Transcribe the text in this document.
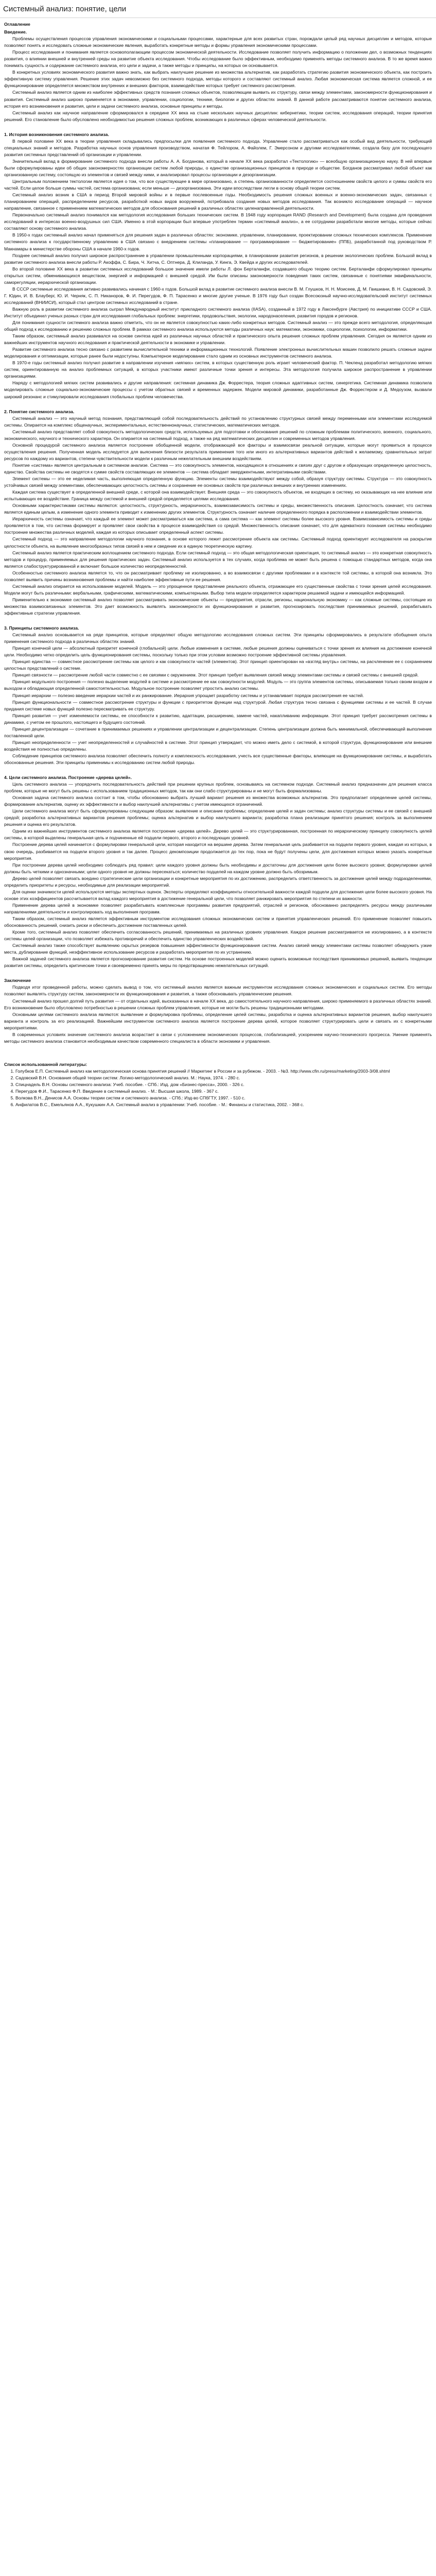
Системный анализ: понятие, цели

Оглавление

Введение.

Проблемы осуществления процессов управления экономическими и социальными процессами, характерные для всех развитых стран, порождали целый ряд научных дисциплин и методов, которые позволяют понять и исследовать сложные экономические явления, выработать конкретные методы и формы управления экономическими процессами.

Процесс исследования и понимания является основополагающим процессом экономической деятельности. Исследование позволяет получить информацию о положении дел, о возможных тенденциях развития, о влиянии внешней и внутренней среды на развитие объекта исследования. Чтобы исследование было эффективным, необходимо применять методы системного анализа. В то же время важно понимать сущность и содержание системного анализа, его цели и задачи, а также методы и принципы, на которых он основывается.

В конкретных условиях экономического развития важно знать, как выбрать наилучшее решение из множества альтернатив, как разработать стратегию развития экономического объекта, как построить эффективную систему управления. Решение этих задач невозможно без системного подхода, методы которого и составляют системный анализ. Любая экономическая система является сложной, и ее функционирование определяется множеством внутренних и внешних факторов, взаимодействие которых требует системного рассмотрения.

Системный анализ является одним из наиболее эффективных средств познания сложных объектов, позволяющим выявить их структуру, связи между элементами, закономерности функционирования и развития. Системный анализ широко применяется в экономике, управлении, социологии, технике, биологии и других областях знаний. В данной работе рассматриваются понятие системного анализа, история его возникновения и развития, цели и задачи системного анализа, основные принципы и методы.

Системный анализ как научное направление сформировался в середине XX века на стыке нескольких научных дисциплин: кибернетики, теории систем, исследования операций, теории принятия решений. Его становление было обусловлено необходимостью решения сложных проблем, возникающих в различных сферах человеческой деятельности.

1. История возникновения системного анализа.

В первой половине XX века в теории управления складывались предпосылки для появления системного подхода. Управление стало рассматриваться как особый вид деятельности, требующий специальных знаний и методов. Разработка научных основ управления производством, начатая Ф. Тейлором, А. Файолем, Г. Эмерсоном и другими исследователями, создала базу для последующего развития системных представлений об организации и управлении.

Значительный вклад в формирование системного подхода внесли работы А. А. Богданова, который в начале XX века разработал «Тектологию» — всеобщую организационную науку. В ней впервые были сформулированы идеи об общих закономерностях организации систем любой природы, о единстве организационных принципов в природе и обществе. Богданов рассматривал любой объект как организованную систему, состоящую из элементов и связей между ними, и анализировал процессы организации и дезорганизации.

Центральным положением тектологии является идея о том, что все существующее в мире организовано, а степень организованности определяется соотношением свойств целого и суммы свойств его частей. Если целое больше суммы частей, система организована; если меньше — дезорганизована. Эти идеи впоследствии легли в основу общей теории систем.

Системный анализ возник в США в период Второй мировой войны и в первые послевоенные годы. Необходимость решения сложных военных и военно-экономических задач, связанных с планированием операций, распределением ресурсов, разработкой новых видов вооружений, потребовала создания новых методов исследования. Так возникло исследование операций — научное направление, связанное с применением математических методов для обоснования решений в различных областях целенаправленной деятельности.

Первоначально системный анализ понимался как методология исследования больших технических систем. В 1948 году корпорация RAND (Research and Development) была создана для проведения исследований в интересах военно-воздушных сил США. Именно в этой корпорации был впервые употреблен термин «системный анализ», а ее сотрудники разработали многие методы, которые сейчас составляют основу системного анализа.

В 1950-х годах системный анализ начал применяться для решения задач в различных областях: экономике, управлении, планировании, проектировании сложных технических комплексов. Применение системного анализа к государственному управлению в США связано с внедрением системы «планирование — программирование — бюджетирование» (ППБ), разработанной под руководством Р. Макнамары в министерстве обороны США в начале 1960-х годов.

Позднее системный анализ получил широкое распространение в управлении промышленными корпорациями, в планировании развития регионов, в решении экологических проблем. Большой вклад в развитие системного анализа внесли работы Р. Акоффа, С. Бира, Ч. Хитча, С. Оптнера, Д. Клиланда, У. Кинга, Э. Квейда и других исследователей.

Во второй половине XX века в развитии системных исследований большое значение имели работы Л. фон Берталанфи, создавшего общую теорию систем. Берталанфи сформулировал принципы открытых систем, обменивающихся веществом, энергией и информацией с внешней средой. Им были описаны закономерности поведения таких систем, связанные с понятиями эквифинальности, саморегуляции, иерархической организации.

В СССР системные исследования активно развивались начиная с 1960-х годов. Большой вклад в развитие системного анализа внесли В. М. Глушков, Н. Н. Моисеев, Д. М. Гвишиани, В. Н. Садовский, Э. Г. Юдин, И. В. Блауберг, Ю. И. Черняк, С. П. Никаноров, Ф. И. Перегудов, Ф. П. Тарасенко и многие другие ученые. В 1976 году был создан Всесоюзный научно-исследовательский институт системных исследований (ВНИИСИ), который стал центром системных исследований в стране.

Важную роль в развитии системного анализа сыграл Международный институт прикладного системного анализа (IIASA), созданный в 1972 году в Лаксенбурге (Австрия) по инициативе СССР и США. Институт объединил ученых разных стран для исследования глобальных проблем: энергетики, продовольствия, экологии, народонаселения, развития городов и регионов.

Для понимания сущности системного анализа важно отметить, что он не является совокупностью каких-либо конкретных методов. Системный анализ — это прежде всего методология, определяющая общий подход к исследованию и решению сложных проблем. В рамках системного анализа используются методы различных наук: математики, экономики, социологии, психологии, информатики.

Таким образом, системный анализ развивался на основе синтеза идей из различных научных областей и практического опыта решения сложных проблем управления. Сегодня он является одним из важнейших инструментов научного исследования и практической деятельности в экономике и управлении.

Развитие системного анализа тесно связано с развитием вычислительной техники и информационных технологий. Появление электронных вычислительных машин позволило решать сложные задачи моделирования и оптимизации, которые ранее были недоступны. Компьютерное моделирование стало одним из основных инструментов системного анализа.

В 1970-е годы системный анализ получил развитие в направлении изучения «мягких» систем, в которых существенную роль играет человеческий фактор. П. Чекленд разработал методологию мягких систем, ориентированную на анализ проблемных ситуаций, в которых участники имеют различные точки зрения и интересы. Эта методология получила широкое распространение в управлении организациями.

Наряду с методологией мягких систем развивались и другие направления: системная динамика Дж. Форрестера, теория сложных адаптивных систем, синергетика. Системная динамика позволила моделировать сложные социально-экономические процессы с учетом обратных связей и временных задержек. Модели мировой динамики, разработанные Дж. Форрестером и Д. Медоузом, вызвали широкий резонанс и стимулировали исследования глобальных проблем человечества.

2. Понятие системного анализа.

Системный анализ — это научный метод познания, представляющий собой последовательность действий по установлению структурных связей между переменными или элементами исследуемой системы. Опирается на комплекс общенаучных, экспериментальных, естественнонаучных, статистических, математических методов.

Системный анализ представляет собой совокупность методологических средств, используемых для подготовки и обоснования решений по сложным проблемам политического, военного, социального, экономического, научного и технического характера. Он опирается на системный подход, а также на ряд математических дисциплин и современных методов управления.

Основной процедурой системного анализа является построение обобщенной модели, отображающей все факторы и взаимосвязи реальной ситуации, которые могут проявиться в процессе осуществления решения. Полученная модель исследуется для выяснения близости результата применения того или иного из альтернативных вариантов действий к желаемому, сравнительных затрат ресурсов по каждому из вариантов, степени чувствительности модели к различным нежелательным внешним воздействиям.

Понятие «система» является центральным в системном анализе. Система — это совокупность элементов, находящихся в отношениях и связях друг с другом и образующих определенную целостность, единство. Свойства системы не сводятся к сумме свойств составляющих ее элементов — система обладает эмерджентными, интегративными свойствами.

Элемент системы — это ее неделимая часть, выполняющая определенную функцию. Элементы системы взаимодействуют между собой, образуя структуру системы. Структура — это совокупность устойчивых связей между элементами, обеспечивающих целостность системы и сохранение ее основных свойств при различных внешних и внутренних изменениях.

Каждая система существует в определенной внешней среде, с которой она взаимодействует. Внешняя среда — это совокупность объектов, не входящих в систему, но оказывающих на нее влияние или испытывающих ее воздействие. Граница между системой и внешней средой определяется целями исследования.

Основными характеристиками системы являются: целостность, структурность, иерархичность, взаимозависимость системы и среды, множественность описания. Целостность означает, что система является единым целым, а изменение одного элемента приводит к изменению других элементов. Структурность означает наличие определенного порядка в расположении и взаимодействии элементов.

Иерархичность системы означает, что каждый ее элемент может рассматриваться как система, а сама система — как элемент системы более высокого уровня. Взаимозависимость системы и среды проявляется в том, что система формирует и проявляет свои свойства в процессе взаимодействия со средой. Множественность описания означает, что для адекватного познания системы необходимо построение множества различных моделей, каждая из которых описывает определенный аспект системы.

Системный подход — это направление методологии научного познания, в основе которого лежит рассмотрение объекта как системы. Системный подход ориентирует исследователя на раскрытие целостности объекта, на выявление многообразных типов связей в нем и сведение их в единую теоретическую картину.

Системный анализ является практическим воплощением системного подхода. Если системный подход — это общая методологическая ориентация, то системный анализ — это конкретная совокупность методов и процедур, применяемых для решения практических задач. Системный анализ используется в тех случаях, когда проблема не может быть решена с помощью стандартных методов, когда она является слабоструктурированной и включает большое количество неопределенностей.

Особенностью системного анализа является то, что он рассматривает проблему не изолированно, а во взаимосвязи с другими проблемами и в контексте той системы, в которой она возникла. Это позволяет выявить причины возникновения проблемы и найти наиболее эффективные пути ее решения.

Системный анализ опирается на использование моделей. Модель — это упрощенное представление реального объекта, отражающее его существенные свойства с точки зрения целей исследования. Модели могут быть различными: вербальными, графическими, математическими, компьютерными. Выбор типа модели определяется характером решаемой задачи и имеющейся информацией.

Применительно к экономике системный анализ позволяет рассматривать экономические объекты — предприятия, отрасли, регионы, национальную экономику — как сложные системы, состоящие из множества взаимосвязанных элементов. Это дает возможность выявлять закономерности их функционирования и развития, прогнозировать последствия принимаемых решений, разрабатывать эффективные стратегии управления.

3. Принципы системного анализа.

Системный анализ основывается на ряде принципов, которые определяют общую методологию исследования сложных систем. Эти принципы сформировались в результате обобщения опыта применения системного подхода в различных областях знаний.

Принцип конечной цели — абсолютный приоритет конечной (глобальной) цели. Любые изменения в системе, любые решения должны оцениваться с точки зрения их влияния на достижение конечной цели. Необходимо четко определить цель функционирования системы, поскольку только при этом условии возможно построение эффективной системы управления.

Принцип единства — совместное рассмотрение системы как целого и как совокупности частей (элементов). Этот принцип ориентирован на «взгляд внутрь» системы, на расчленение ее с сохранением целостных представлений о системе.

Принцип связности — рассмотрение любой части совместно с ее связями с окружением. Этот принцип требует выявления связей между элементами системы и связей системы с внешней средой.

Принцип модульного построения — полезно выделение модулей в системе и рассмотрение ее как совокупности модулей. Модуль — это группа элементов системы, описываемая только своим входом и выходом и обладающая определенной самостоятельностью. Модульное построение позволяет упростить анализ системы.

Принцип иерархии — полезно введение иерархии частей и их ранжирование. Иерархия упрощает разработку системы и устанавливает порядок рассмотрения ее частей.

Принцип функциональности — совместное рассмотрение структуры и функции с приоритетом функции над структурой. Любая структура тесно связана с функциями системы и ее частей. В случае придания системе новых функций полезно пересматривать ее структуру.

Принцип развития — учет изменяемости системы, ее способности к развитию, адаптации, расширению, замене частей, накапливанию информации. Этот принцип требует рассмотрения системы в динамике, с учетом ее прошлого, настоящего и будущего состояний.

Принцип децентрализации — сочетание в принимаемых решениях и управлении централизации и децентрализации. Степень централизации должна быть минимальной, обеспечивающей выполнение поставленной цели.

Принцип неопределенности — учет неопределенностей и случайностей в системе. Этот принцип утверждает, что можно иметь дело с системой, в которой структура, функционирование или внешние воздействия не полностью определены.

Соблюдение принципов системного анализа позволяет обеспечить полноту и комплексность исследования, учесть все существенные факторы, влияющие на функционирование системы, и выработать обоснованные решения. Эти принципы применимы к исследованию систем любой природы.

4. Цели системного анализа. Построение «дерева целей».

Цель системного анализа — упорядочить последовательность действий при решении крупных проблем, основываясь на системном подходе. Системный анализ предназначен для решения класса проблем, которые не могут быть решены с использованием традиционных методов, так как они слабо структурированы и не могут быть формализованы.

Основная задача системного анализа состоит в том, чтобы обоснованно выбрать лучший вариант решения из множества возможных альтернатив. Это предполагает определение целей системы, формирование альтернатив, оценку их эффективности и выбор наилучшей альтернативы с учетом имеющихся ограничений.

Цели системного анализа могут быть сформулированы следующим образом: выявление и описание проблемы; определение целей и задач системы; анализ структуры системы и ее связей с внешней средой; разработка альтернативных вариантов решения проблемы; оценка альтернатив и выбор наилучшего варианта; разработка плана реализации принятого решения; контроль за выполнением решения и оценка его результатов.

Одним из важнейших инструментов системного анализа является построение «дерева целей». Дерево целей — это структурированная, построенная по иерархическому принципу совокупность целей системы, в которой выделены генеральная цель и подчиненные ей подцели первого, второго и последующих уровней.

Построение дерева целей начинается с формулировки генеральной цели, которая находится на вершине дерева. Затем генеральная цель разбивается на подцели первого уровня, каждая из которых, в свою очередь, разбивается на подцели второго уровня и так далее. Процесс декомпозиции продолжается до тех пор, пока не будут получены цели, для достижения которых можно указать конкретные мероприятия.

При построении дерева целей необходимо соблюдать ряд правил: цели каждого уровня должны быть необходимы и достаточны для достижения цели более высокого уровня; формулировки целей должны быть четкими и однозначными; цели одного уровня не должны пересекаться; количество подцелей на каждом уровне должно быть обозримым.

Дерево целей позволяет связать воедино стратегические цели организации и конкретные мероприятия по их достижению, распределить ответственность за достижение целей между подразделениями, определить приоритеты и ресурсы, необходимые для реализации мероприятий.

Для оценки значимости целей используются методы экспертных оценок. Эксперты определяют коэффициенты относительной важности каждой подцели для достижения цели более высокого уровня. На основе этих коэффициентов рассчитывается вклад каждого мероприятия в достижение генеральной цели, что позволяет ранжировать мероприятия по степени их важности.

Применение дерева целей в экономике позволяет разрабатывать комплексные программы развития предприятий, отраслей и регионов, обоснованно распределять ресурсы между различными направлениями деятельности и контролировать ход выполнения программ.

Таким образом, системный анализ является эффективным инструментом исследования сложных экономических систем и принятия управленческих решений. Его применение позволяет повысить обоснованность решений, снизить риски и обеспечить достижение поставленных целей.

Кроме того, системный анализ позволяет обеспечить согласованность решений, принимаемых на различных уровнях управления. Каждое решение рассматривается не изолированно, а в контексте системы целей организации, что позволяет избежать противоречий и обеспечить единство управленческих воздействий.

Системный анализ также способствует выявлению скрытых резервов повышения эффективности функционирования систем. Анализ связей между элементами системы позволяет обнаружить узкие места, дублирование функций, неэффективное использование ресурсов и разработать мероприятия по их устранению.

Важной задачей системного анализа является прогнозирование развития систем. На основе построенных моделей можно оценить возможные последствия принимаемых решений, выявить тенденции развития системы, определить критические точки и своевременно принять меры по предотвращению нежелательных ситуаций.

Заключение

Подводя итог проведенной работы, можно сделать вывод о том, что системный анализ является важным инструментом исследования сложных экономических и социальных систем. Его методы позволяют выявлять структуру систем, закономерности их функционирования и развития, а также обосновывать управленческие решения.

Системный анализ прошел долгий путь развития — от отдельных идей, высказанных в начале XX века, до самостоятельного научного направления, широко применяемого в различных областях знаний. Его возникновение было обусловлено потребностью в решении сложных проблем управления, которые не могли быть решены традиционными методами.

Основными целями системного анализа являются: выявление и формулировка проблемы, определение целей системы, разработка и оценка альтернативных вариантов решения, выбор наилучшего варианта и контроль за его реализацией. Важнейшим инструментом системного анализа является построение дерева целей, которое позволяет структурировать цели и связать их с конкретными мероприятиями.

В современных условиях значение системного анализа возрастает в связи с усложнением экономических процессов, глобализацией, ускорением научно-технического прогресса. Умение применять методы системного анализа становится необходимым качеством современного специалиста в области экономики и управления.

Список использованной литературы:

1. Голубков Е.П. Системный анализ как методологическая основа принятия решений // Маркетинг в России и за рубежом. - 2003. - №3. http://www.cfin.ru/press/marketing/2003-3/08.shtml
2. Садовский В.Н. Основания общей теории систем: Логико-методологический анализ. М.: Наука, 1974. - 280 с.
3. Спицнадель В.Н. Основы системного анализа: Учеб. пособие. - СПб.: Изд. дом «Бизнес-пресса», 2000. - 326 с.
4. Перегудов Ф.И., Тарасенко Ф.П. Введение в системный анализ. - М.: Высшая школа, 1989. - 367 с.
5. Волкова В.Н., Денисов А.А. Основы теории систем и системного анализа. - СПб.: Изд-во СПбГТУ, 1997. - 510 с.
6. Анфилатов В.С., Емельянов А.А., Кукушкин А.А. Системный анализ в управлении: Учеб. пособие. - М.: Финансы и статистика, 2002. - 368 с.
